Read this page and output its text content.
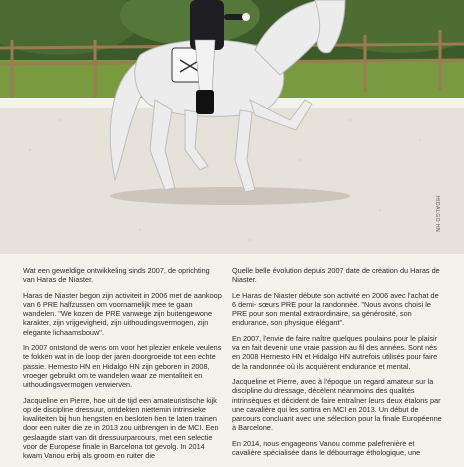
HIDALGO HN

Wat een geweldige ontwikkeling sinds 2007, de oprichting van Haras de Niaster.

Haras de Niaster begon zijn activiteit in 2006 met de aankoop van 6 PRE halfzussen om voornamelijk mee te gaan wandelen. "We kozen de PRE vanwege zijn buitengewone karakter, zijn vrijgevigheid, zijn uithoudingsvermogen, zijn elegante lichaamsbouw".

In 2007 ontstond de wens om voor het plezier enkele veulens te fokken wat in de loop der jaren doorgroeide tot een echte passie. Hernesto HN en Hidalgo HN zijn geboren in 2008, vroeger gebruikt om te wandelen waar ze mentaliteit en uithoudingsvermogen verwierven.

Jacqueline en Pierre, hoe uit de tijd een amateuristische kijk op de discipline dressuur, ontdekten niettemin intrinsieke kwaliteiten bij hun hengsten en besloten hen te laten trainen door een ruiter die ze in 2013 zou uitbrengen in de MCI. Een geslaagde start van dit dressuurparcours, met een selectie voor de Europese finale in Barcelona tot gevolg. In 2014 kwam Vanou erbij als groom en ruiter die

Quelle belle évolution depuis 2007 date de création du Haras de Niaster.

Le Haras de Niaster débute son activité en 2006 avec l'achat de 6 demi- sœurs PRE pour la randonnée. "Nous avons choisi le PRE pour son mental extraordinaire, sa générosité, son endurance, son physique élégant".

En 2007, l'envie de faire naître quelques poulains pour le plaisir va en fait devenir une vraie passion au fil des années. Sont nés en 2008 Hernesto HN et Hidalgo HN autrefois utilisés pour faire de la randonnée où ils acquièrent endurance et mental.

Jacqueline et Pierre, avec à l'époque un regard amateur sur la discipline du dressage, décèlent néanmoins des qualités intrinsèques et décident de faire entraîner leurs deux étalons par une cavalière qui les sortira en MCI en 2013. Un début de parcours concluant avec une sélection pour la finale Européenne à Barcelone.

En 2014, nous engageons Vanou comme palefrenière et cavalière spécialisée dans le débourrage éthologique, une
